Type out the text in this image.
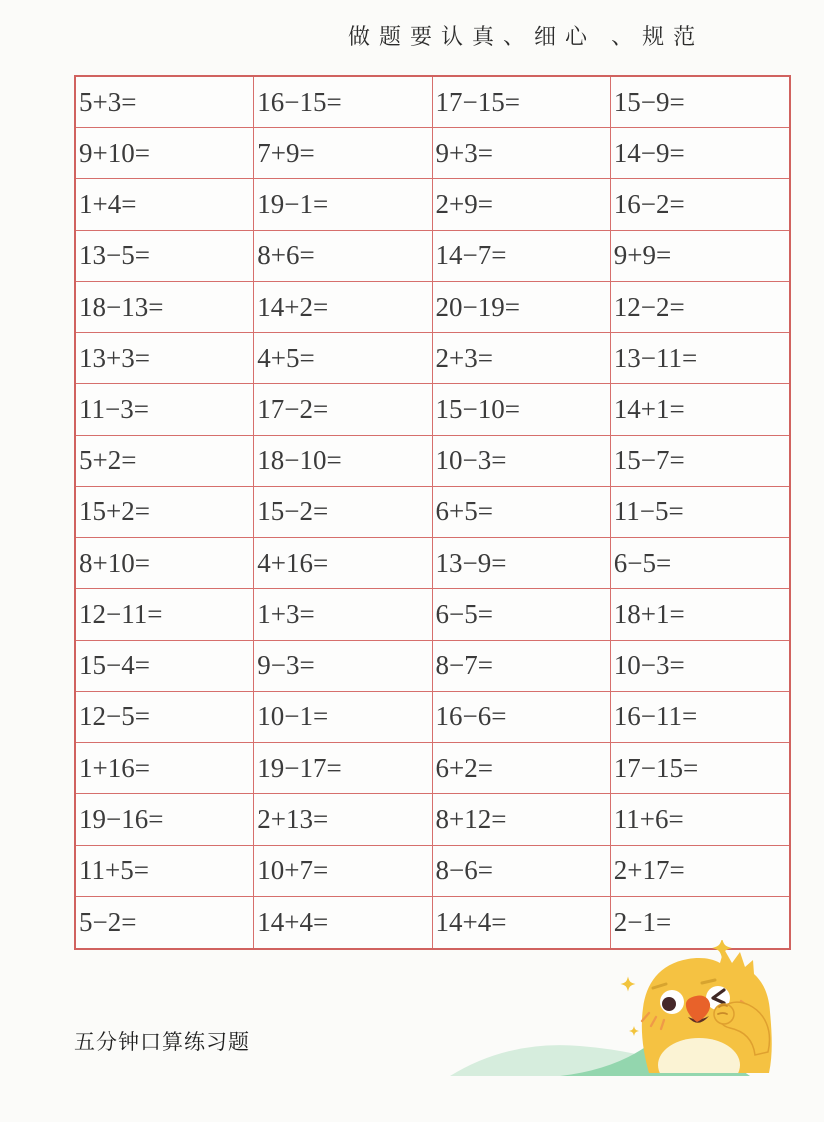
做题要认真、细心 、规范
5+3=	16−15=	17−15=	15−9=
9+10=	7+9=	9+3=	14−9=
1+4=	19−1=	2+9=	16−2=
13−5=	8+6=	14−7=	9+9=
18−13=	14+2=	20−19=	12−2=
13+3=	4+5=	2+3=	13−11=
11−3=	17−2=	15−10=	14+1=
5+2=	18−10=	10−3=	15−7=
15+2=	15−2=	6+5=	11−5=
8+10=	4+16=	13−9=	6−5=
12−11=	1+3=	6−5=	18+1=
15−4=	9−3=	8−7=	10−3=
12−5=	10−1=	16−6=	16−11=
1+16=	19−17=	6+2=	17−15=
19−16=	2+13=	8+12=	11+6=
11+5=	10+7=	8−6=	2+17=
5−2=	14+4=	14+4=	2−1=
五分钟口算练习题
